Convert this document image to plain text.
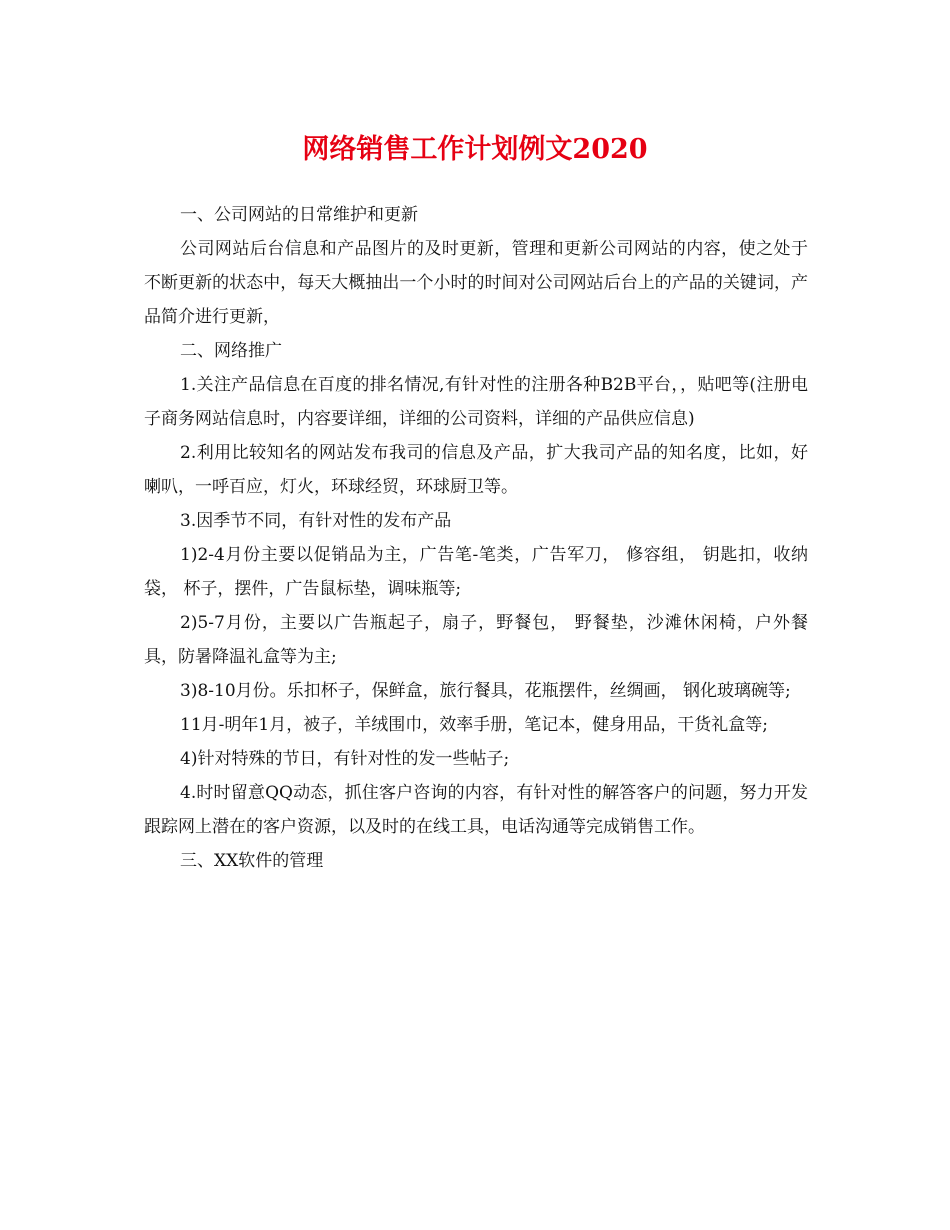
网络销售工作计划例文2020

一、公司网站的日常维护和更新

公司网站后台信息和产品图片的及时更新，管理和更新公司网站的内容，使之处于不断更新的状态中，每天大概抽出一个小时的时间对公司网站后台上的产品的关键词，产品简介进行更新，

二、网络推广

1.关注产品信息在百度的排名情况,有针对性的注册各种B2B平台，，贴吧等(注册电子商务网站信息时，内容要详细，详细的公司资料，详细的产品供应信息)

2.利用比较知名的网站发布我司的信息及产品，扩大我司产品的知名度，比如，好喇叭，一呼百应，灯火，环球经贸，环球厨卫等。

3.因季节不同，有针对性的发布产品

1)2-4月份主要以促销品为主，广告笔-笔类，广告军刀， 修容组， 钥匙扣，收纳袋， 杯子，摆件，广告鼠标垫，调味瓶等;

2)5-7月份，主要以广告瓶起子，扇子，野餐包， 野餐垫，沙滩休闲椅，户外餐具，防暑降温礼盒等为主;

3)8-10月份。乐扣杯子，保鲜盒，旅行餐具，花瓶摆件，丝绸画， 钢化玻璃碗等;

11月-明年1月，被子，羊绒围巾，效率手册，笔记本，健身用品，干货礼盒等;

4)针对特殊的节日，有针对性的发一些帖子;

4.时时留意QQ动态，抓住客户咨询的内容，有针对性的解答客户的问题，努力开发跟踪网上潜在的客户资源，以及时的在线工具，电话沟通等完成销售工作。

三、XX软件的管理
